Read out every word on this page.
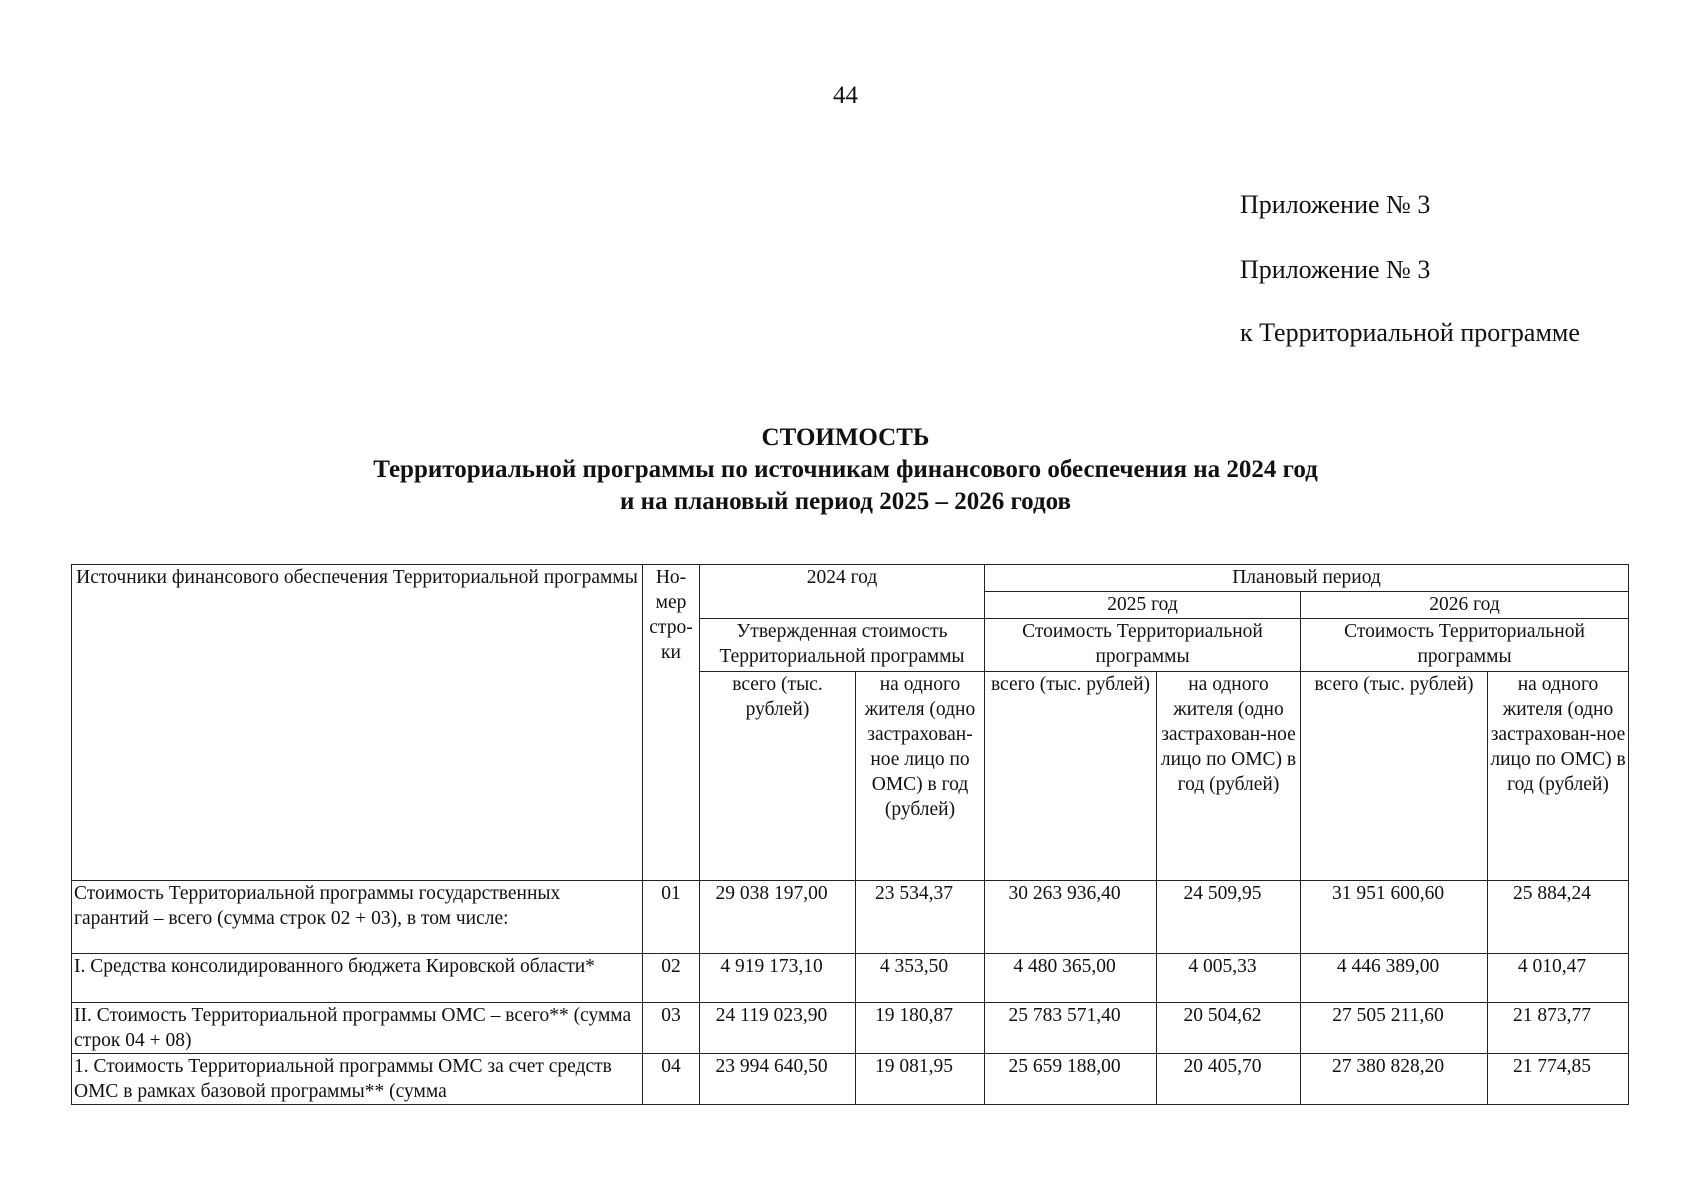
44
Приложение № 3
Приложение № 3
к Территориальной программе
СТОИМОСТЬ
Территориальной программы по источникам финансового обеспечения на 2024 год
и на плановый период 2025 – 2026 годов
Источники финансового обеспечения Территориальной программы	Но-мер стро-ки	2024 год		Плановый период			
				2025 год		2026 год	
		Утвержденная стоимость Территориальной программы		Стоимость Территориальной программы		Стоимость Территориальной программы	
		всего (тыс. рублей)	на одного жителя (одно застрахован-ное лицо по ОМС) в год (рублей)	всего (тыс. рублей)	на одного жителя (одно застрахован-ное лицо по ОМС) в год (рублей)	всего (тыс. рублей)	на одного жителя (одно застрахован-ное лицо по ОМС) в год (рублей)
Стоимость Территориальной программы государственных гарантий – всего (сумма строк 02 + 03), в том числе:	01	29 038 197,00	23 534,37	30 263 936,40	24 509,95	31 951 600,60	25 884,24
I. Средства консолидированного бюджета Кировской области*	02	4 919 173,10	4 353,50	4 480 365,00	4 005,33	4 446 389,00	4 010,47
II. Стоимость Территориальной программы ОМС – всего** (сумма строк 04 + 08)	03	24 119 023,90	19 180,87	25 783 571,40	20 504,62	27 505 211,60	21 873,77
1. Стоимость Территориальной программы ОМС за счет средств ОМС в рамках базовой программы** (сумма	04	23 994 640,50	19 081,95	25 659 188,00	20 405,70	27 380 828,20	21 774,85
